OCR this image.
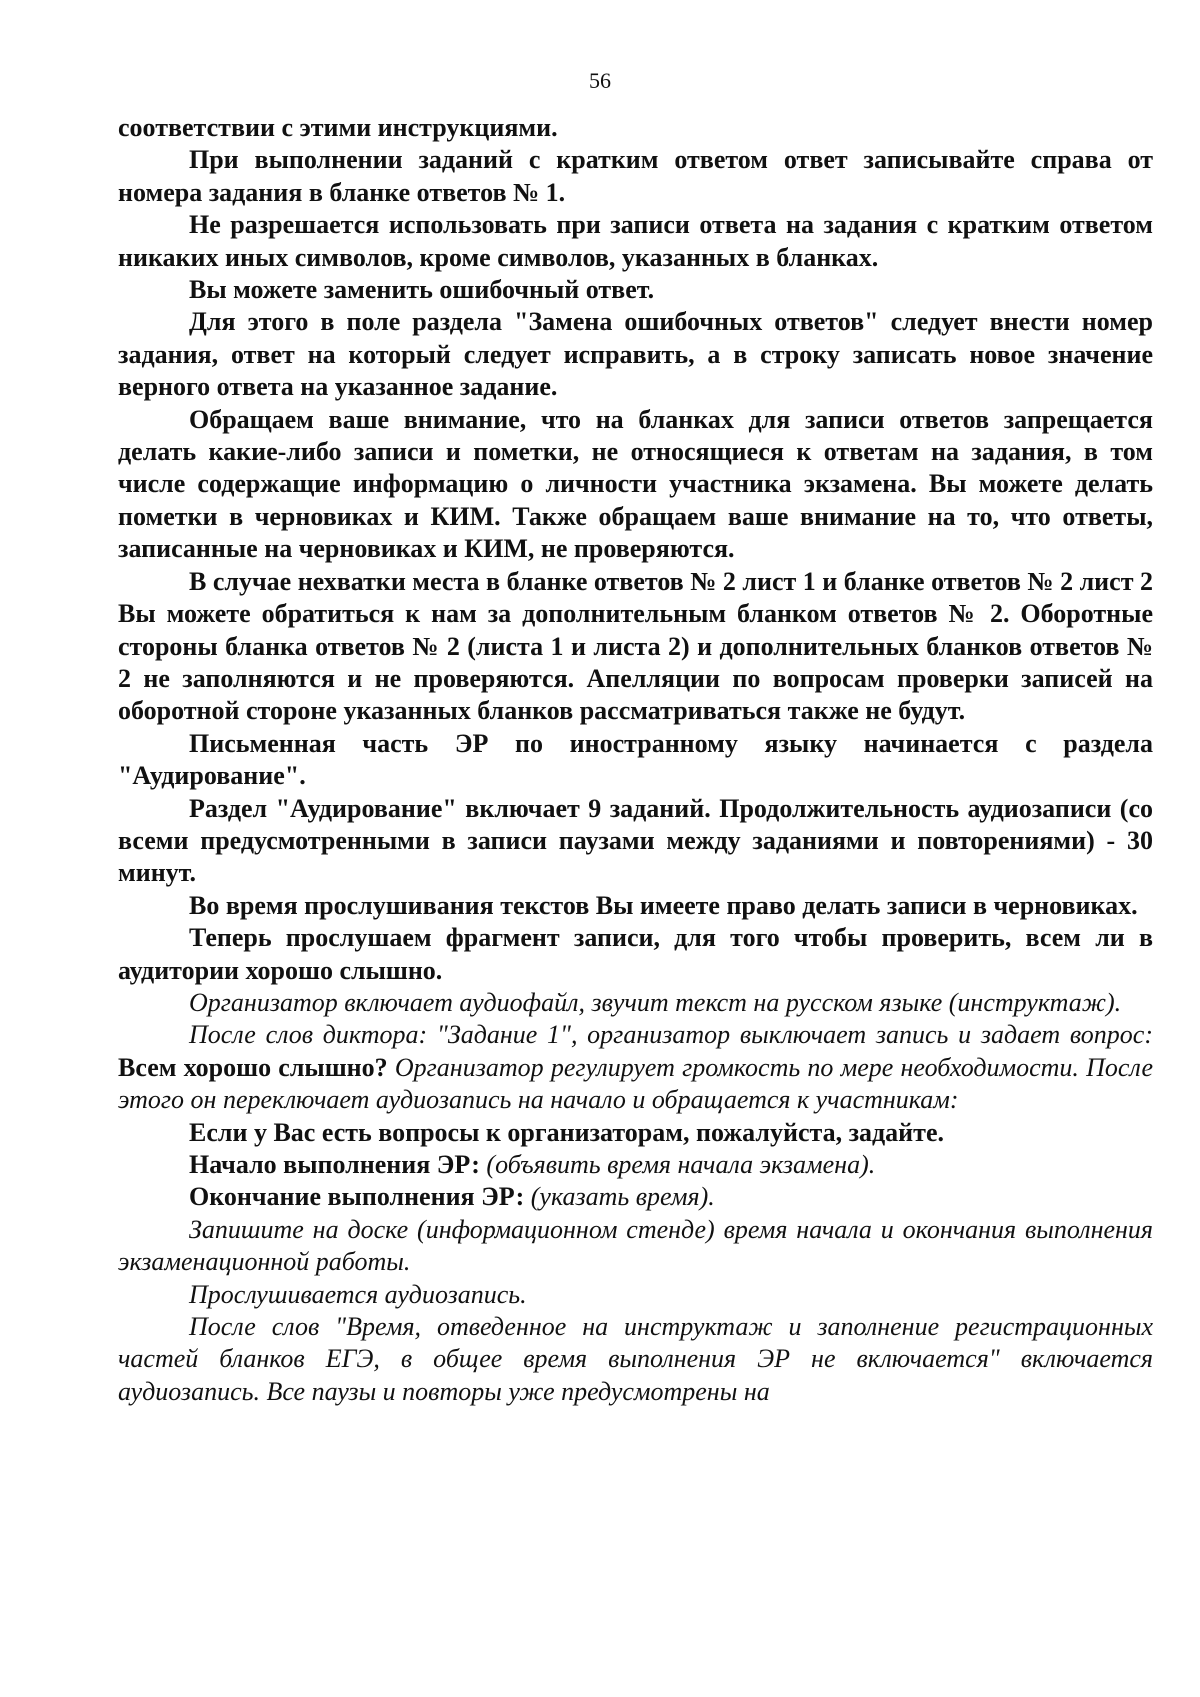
56

соответствии с этими инструкциями.

При выполнении заданий с кратким ответом ответ записывайте справа от номера задания в бланке ответов № 1.

Не разрешается использовать при записи ответа на задания с кратким ответом никаких иных символов, кроме символов, указанных в бланках.

Вы можете заменить ошибочный ответ.

Для этого в поле раздела "Замена ошибочных ответов" следует внести номер задания, ответ на который следует исправить, а в строку записать новое значение верного ответа на указанное задание.

Обращаем ваше внимание, что на бланках для записи ответов запрещается делать какие-либо записи и пометки, не относящиеся к ответам на задания, в том числе содержащие информацию о личности участника экзамена. Вы можете делать пометки в черновиках и КИМ. Также обращаем ваше внимание на то, что ответы, записанные на черновиках и КИМ, не проверяются.

В случае нехватки места в бланке ответов № 2 лист 1 и бланке ответов № 2 лист 2 Вы можете обратиться к нам за дополнительным бланком ответов № 2. Оборотные стороны бланка ответов № 2 (листа 1 и листа 2) и дополнительных бланков ответов № 2 не заполняются и не проверяются. Апелляции по вопросам проверки записей на оборотной стороне указанных бланков рассматриваться также не будут.

Письменная часть ЭР по иностранному языку начинается с раздела "Аудирование".

Раздел "Аудирование" включает 9 заданий. Продолжительность аудиозаписи (со всеми предусмотренными в записи паузами между заданиями и повторениями) - 30 минут.

Во время прослушивания текстов Вы имеете право делать записи в черновиках.

Теперь прослушаем фрагмент записи, для того чтобы проверить, всем ли в аудитории хорошо слышно.

Организатор включает аудиофайл, звучит текст на русском языке (инструктаж).

После слов диктора: "Задание 1", организатор выключает запись и задает вопрос: Всем хорошо слышно? Организатор регулирует громкость по мере необходимости. После этого он переключает аудиозапись на начало и обращается к участникам:

Если у Вас есть вопросы к организаторам, пожалуйста, задайте.

Начало выполнения ЭР: (объявить время начала экзамена).

Окончание выполнения ЭР: (указать время).

Запишите на доске (информационном стенде) время начала и окончания выполнения экзаменационной работы.

Прослушивается аудиозапись.

После слов "Время, отведенное на инструктаж и заполнение регистрационных частей бланков ЕГЭ, в общее время выполнения ЭР не включается" включается аудиозапись. Все паузы и повторы уже предусмотрены на
